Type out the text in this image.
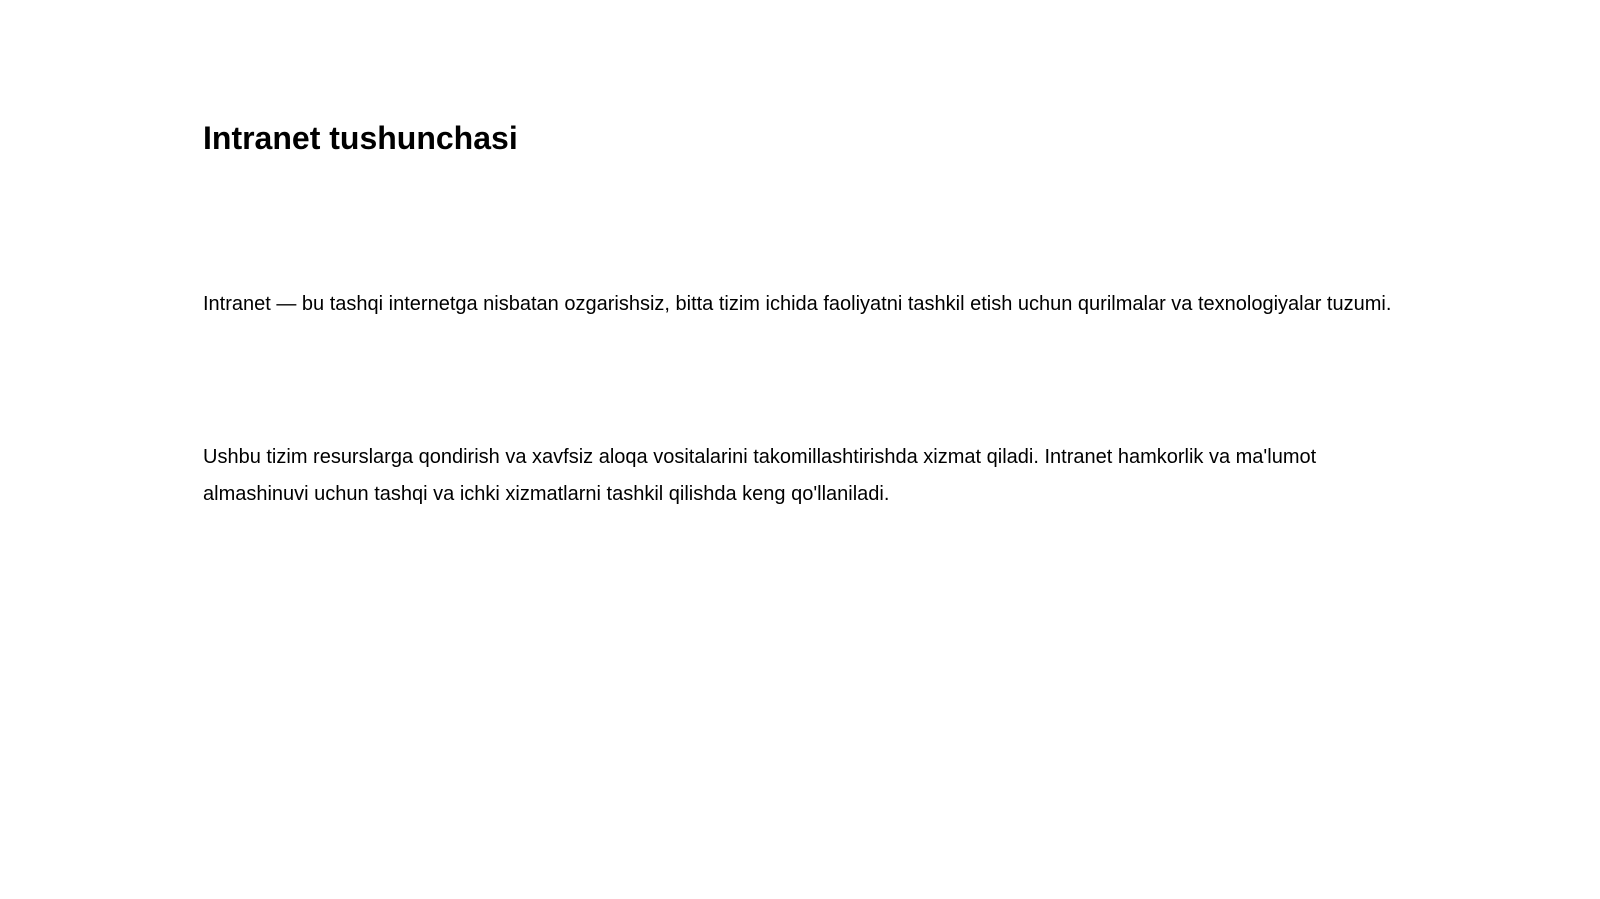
Intranet tushunchasi

Intranet — bu tashqi internetga nisbatan ozgarishsiz, bitta tizim ichida faoliyatni tashkil etish uchun qurilmalar va texnologiyalar tuzumi.

Ushbu tizim resurslarga qondirish va xavfsiz aloqa vositalarini takomillashtirishda xizmat qiladi. Intranet hamkorlik va ma'lumot almashinuvi uchun tashqi va ichki xizmatlarni tashkil qilishda keng qo'llaniladi.
